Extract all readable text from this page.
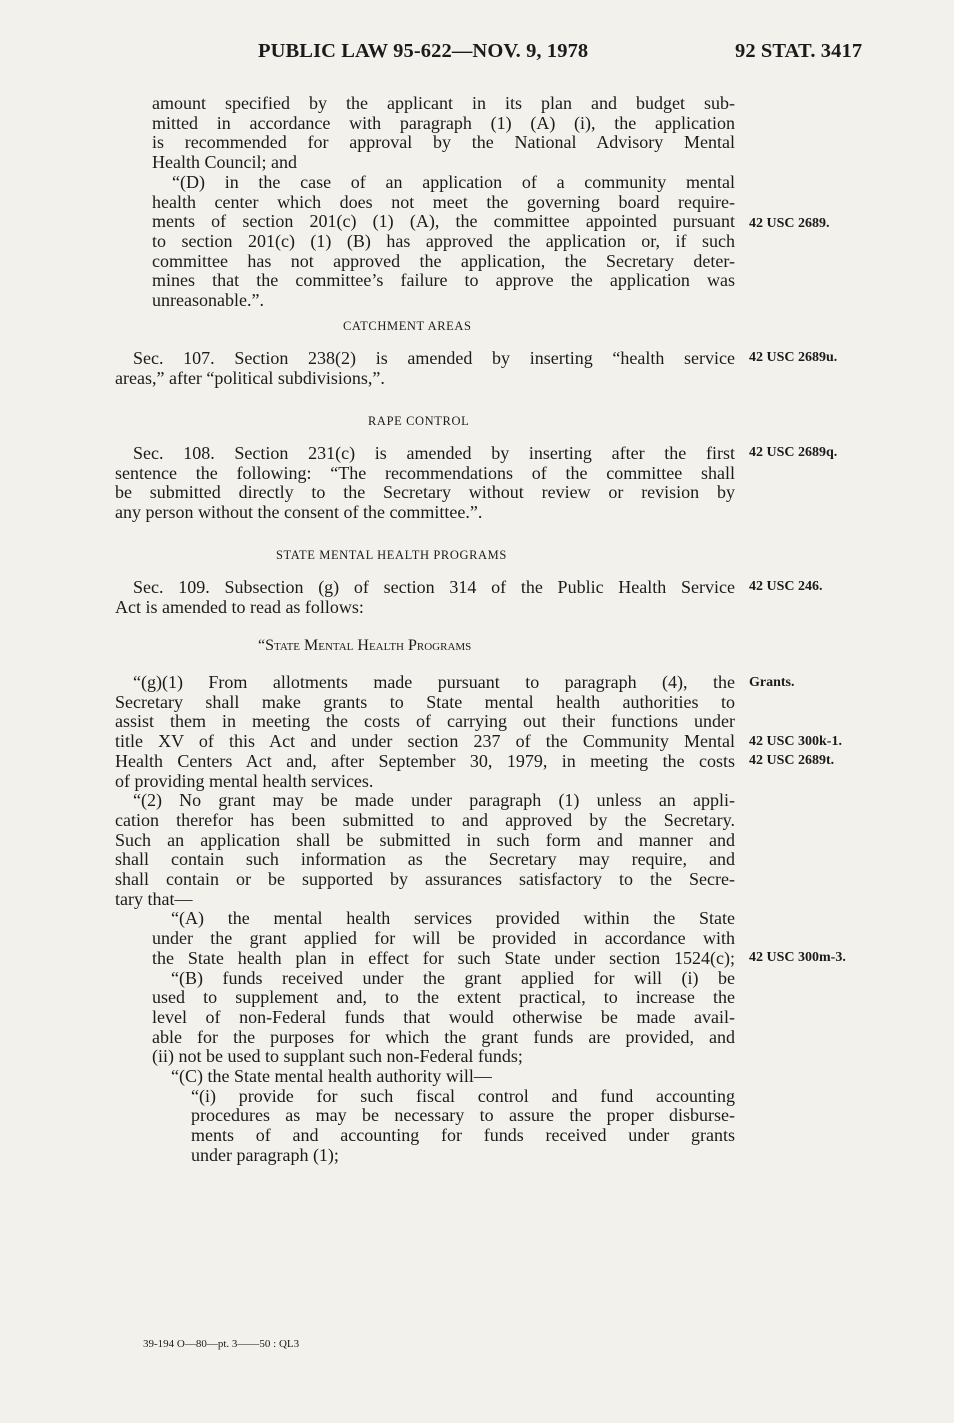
PUBLIC LAW 95-622—NOV. 9, 1978	92 STAT. 3417
amount specified by the applicant in its plan and budget sub-
mitted in accordance with paragraph (1) (A) (i), the application
is recommended for approval by the National Advisory Mental
Health Council; and
“(D) in the case of an application of a community mental
health center which does not meet the governing board require-
ments of section 201(c) (1) (A), the committee appointed pursuant
to section 201(c) (1) (B) has approved the application or, if such
committee has not approved the application, the Secretary deter-
mines that the committee’s failure to approve the application was
unreasonable.”.
CATCHMENT AREAS
Sec. 107. Section 238(2) is amended by inserting “health service
areas,” after “political subdivisions,”.
RAPE CONTROL
Sec. 108. Section 231(c) is amended by inserting after the first
sentence the following: “The recommendations of the committee shall
be submitted directly to the Secretary without review or revision by
any person without the consent of the committee.”.
STATE MENTAL HEALTH PROGRAMS
Sec. 109. Subsection (g) of section 314 of the Public Health Service
Act is amended to read as follows:
“State Mental Health Programs
“(g)(1) From allotments made pursuant to paragraph (4), the
Secretary shall make grants to State mental health authorities to
assist them in meeting the costs of carrying out their functions under
title XV of this Act and under section 237 of the Community Mental
Health Centers Act and, after September 30, 1979, in meeting the costs
of providing mental health services.
“(2) No grant may be made under paragraph (1) unless an appli-
cation therefor has been submitted to and approved by the Secretary.
Such an application shall be submitted in such form and manner and
shall contain such information as the Secretary may require, and
shall contain or be supported by assurances satisfactory to the Secre-
tary that—
“(A) the mental health services provided within the State
under the grant applied for will be provided in accordance with
the State health plan in effect for such State under section 1524(c);
“(B) funds received under the grant applied for will (i) be
used to supplement and, to the extent practical, to increase the
level of non-Federal funds that would otherwise be made avail-
able for the purposes for which the grant funds are provided, and
(ii) not be used to supplant such non-Federal funds;
“(C) the State mental health authority will—
“(i) provide for such fiscal control and fund accounting
procedures as may be necessary to assure the proper disburse-
ments of and accounting for funds received under grants
under paragraph (1);
42 USC 2689.
42 USC 2689u.
42 USC 2689q.
42 USC 246.
Grants.
42 USC 300k-1.
42 USC 2689t.
42 USC 300m-3.
39-194 O—80—pt. 3——50 : QL3
